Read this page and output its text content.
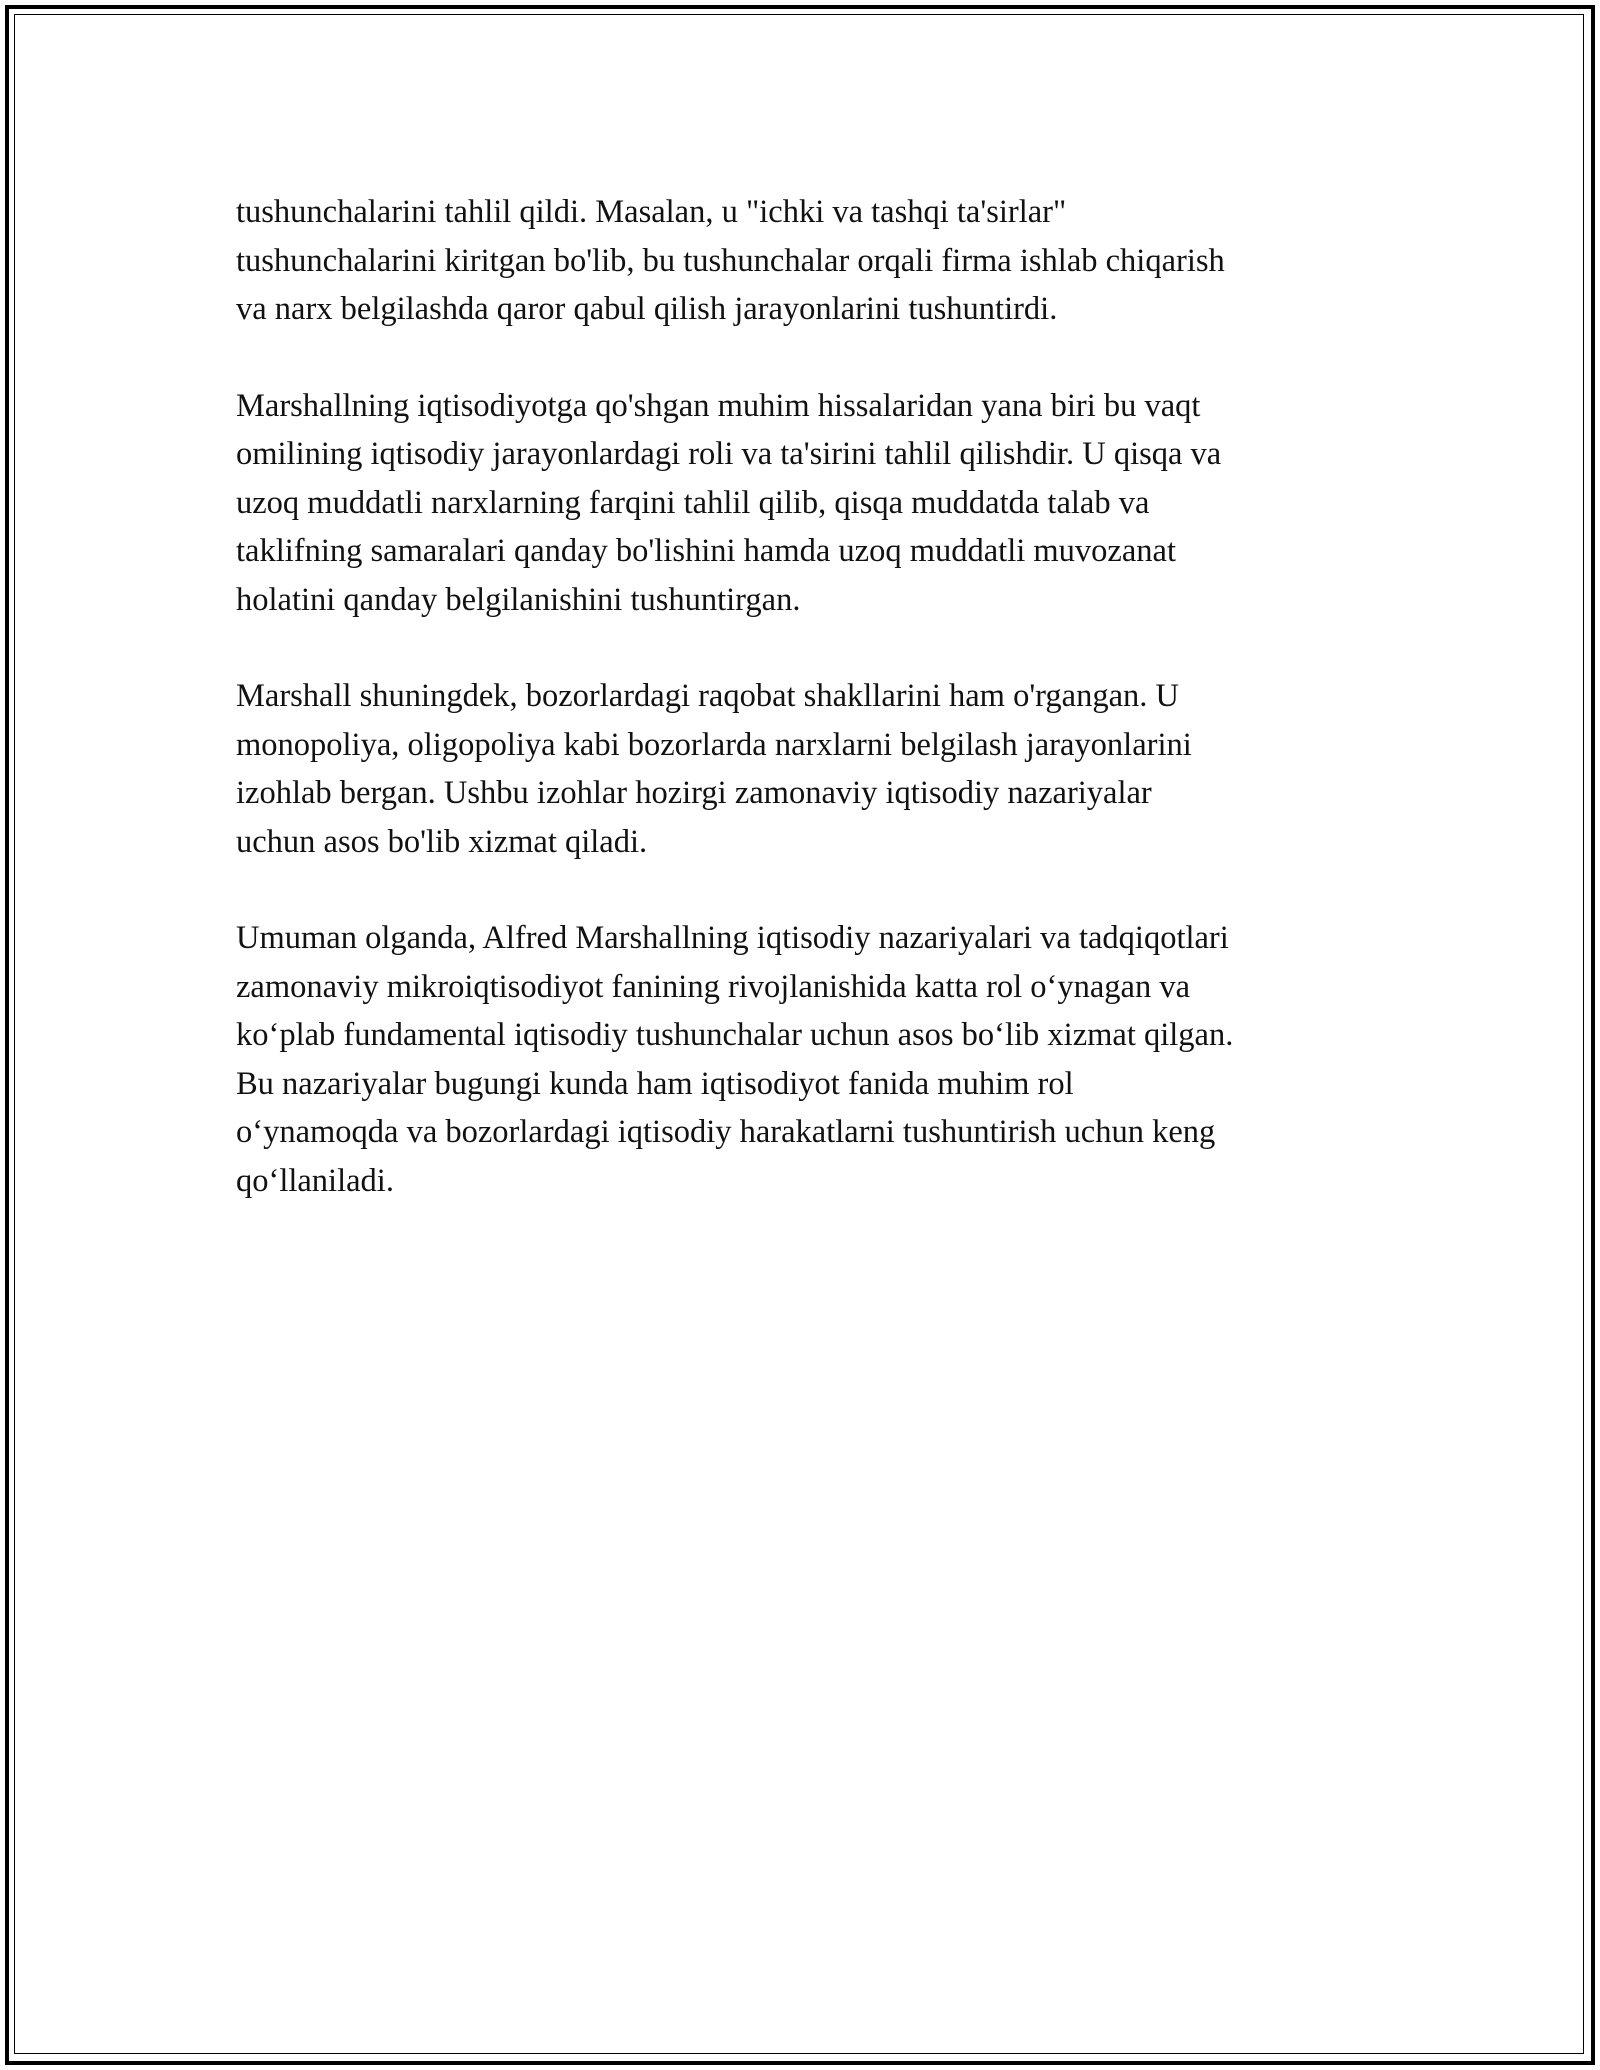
tushunchalarini tahlil qildi. Masalan, u "ichki va tashqi ta'sirlar"
tushunchalarini kiritgan bo'lib, bu tushunchalar orqali firma ishlab chiqarish
va narx belgilashda qaror qabul qilish jarayonlarini tushuntirdi.

Marshallning iqtisodiyotga qo'shgan muhim hissalaridan yana biri bu vaqt
omilining iqtisodiy jarayonlardagi roli va ta'sirini tahlil qilishdir. U qisqa va
uzoq muddatli narxlarning farqini tahlil qilib, qisqa muddatda talab va
taklifning samaralari qanday bo'lishini hamda uzoq muddatli muvozanat
holatini qanday belgilanishini tushuntirgan.

Marshall shuningdek, bozorlardagi raqobat shakllarini ham o'rgangan. U
monopoliya, oligopoliya kabi bozorlarda narxlarni belgilash jarayonlarini
izohlab bergan. Ushbu izohlar hozirgi zamonaviy iqtisodiy nazariyalar
uchun asos bo'lib xizmat qiladi.

Umuman olganda, Alfred Marshallning iqtisodiy nazariyalari va tadqiqotlari
zamonaviy mikroiqtisodiyot fanining rivojlanishida katta rol o‘ynagan va
ko‘plab fundamental iqtisodiy tushunchalar uchun asos bo‘lib xizmat qilgan.
Bu nazariyalar bugungi kunda ham iqtisodiyot fanida muhim rol
o‘ynamoqda va bozorlardagi iqtisodiy harakatlarni tushuntirish uchun keng
qo‘llaniladi.
